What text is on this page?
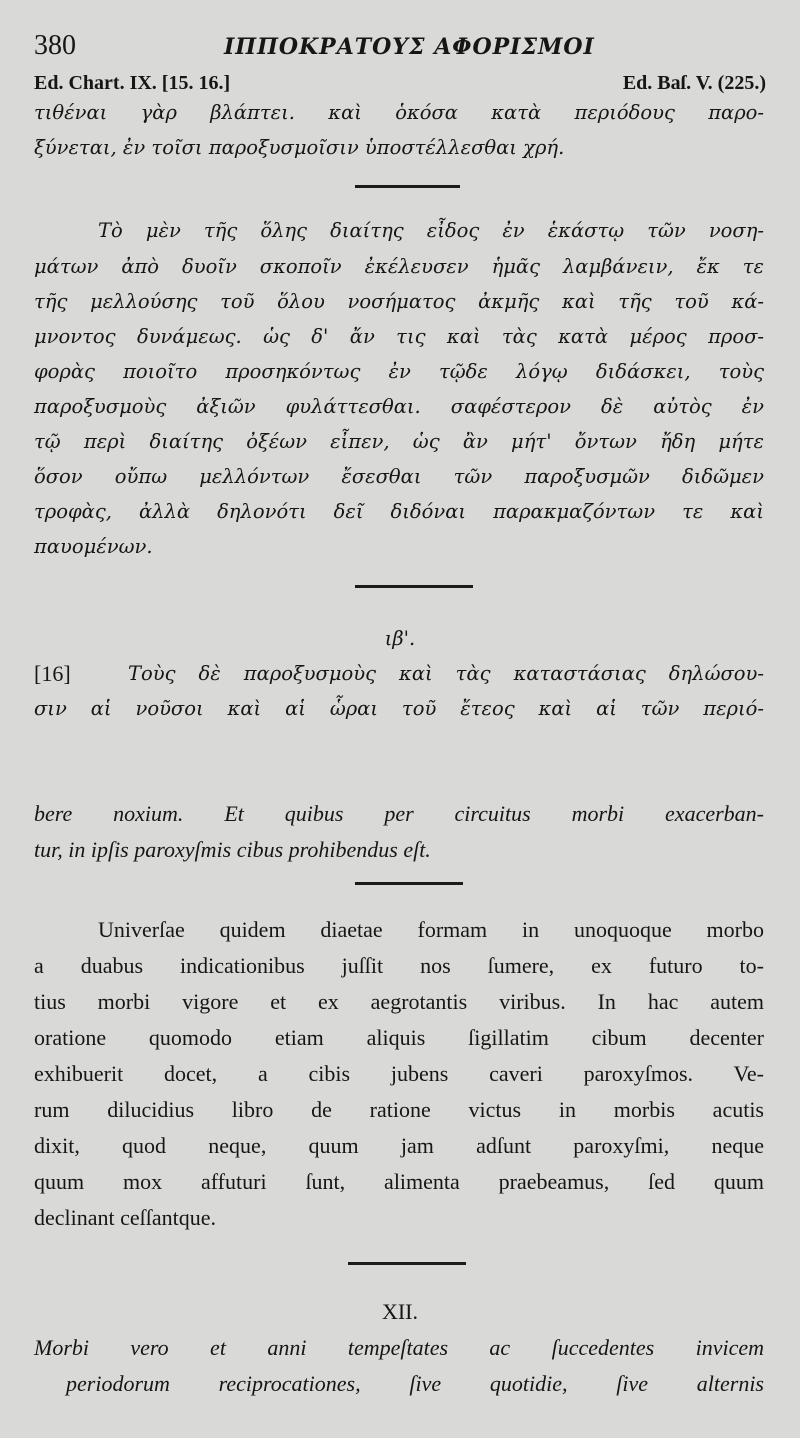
380	ΙΠΠΟΚΡΑΤΟΥΣ ΑΦΟΡΙΣΜΟΙ
Ed. Chart. IX. [15. 16.]	Ed. Baſ. V. (225.)
τιθέναι γὰρ βλάπτει. καὶ ὁκόσα κατὰ περιόδους παρο-
ξύνεται, ἐν τοῖσι παροξυσμοῖσιν ὑποστέλλεσθαι χρή.
Τὸ μὲν τῆς ὅλης διαίτης εἶδος ἐν ἑκάστῳ τῶν νοση-
μάτων ἀπὸ δυοῖν σκοποῖν ἐκέλευσεν ἡμᾶς λαμβάνειν, ἔκ τε
τῆς μελλούσης τοῦ ὅλου νοσήματος ἀκμῆς καὶ τῆς τοῦ κά-
μνοντος δυνάμεως. ὡς δ' ἄν τις καὶ τὰς κατὰ μέρος προσ-
φορὰς ποιοῖτο προσηκόντως ἐν τῷδε λόγῳ διδάσκει, τοὺς
παροξυσμοὺς ἀξιῶν φυλάττεσθαι. σαφέστερον δὲ αὐτὸς ἐν
τῷ περὶ διαίτης ὀξέων εἶπεν, ὡς ἂν μήτ' ὄντων ἤδη μήτε
ὅσον οὔπω μελλόντων ἔσεσθαι τῶν παροξυσμῶν διδῶμεν
τροφὰς, ἀλλὰ δηλονότι δεῖ διδόναι παρακμαζόντων τε καὶ
παυομένων.
ιβ'.
[16]	Τοὺς δὲ παροξυσμοὺς καὶ τὰς καταστάσιας δηλώσου-
σιν αἱ νοῦσοι καὶ αἱ ὧραι τοῦ ἔτεος καὶ αἱ τῶν περιό-
bere noxium. Et quibus per circuitus morbi exacerban-
tur, in ipſis paroxyſmis cibus prohibendus eſt.
Univerſae quidem diaetae formam in unoquoque morbo
a duabus indicationibus juſſit nos ſumere, ex futuro to-
tius morbi vigore et ex aegrotantis viribus. In hac autem
oratione quomodo etiam aliquis ſigillatim cibum decenter
exhibuerit docet, a cibis jubens caveri paroxyſmos. Ve-
rum dilucidius libro de ratione victus in morbis acutis
dixit, quod neque, quum jam adſunt paroxyſmi, neque
quum mox affuturi ſunt, alimenta praebeamus, ſed quum
declinant ceſſantque.
XII.
Morbi vero et anni tempeſtates ac ſuccedentes invicem
periodorum reciprocationes, ſive quotidie, ſive alternis
